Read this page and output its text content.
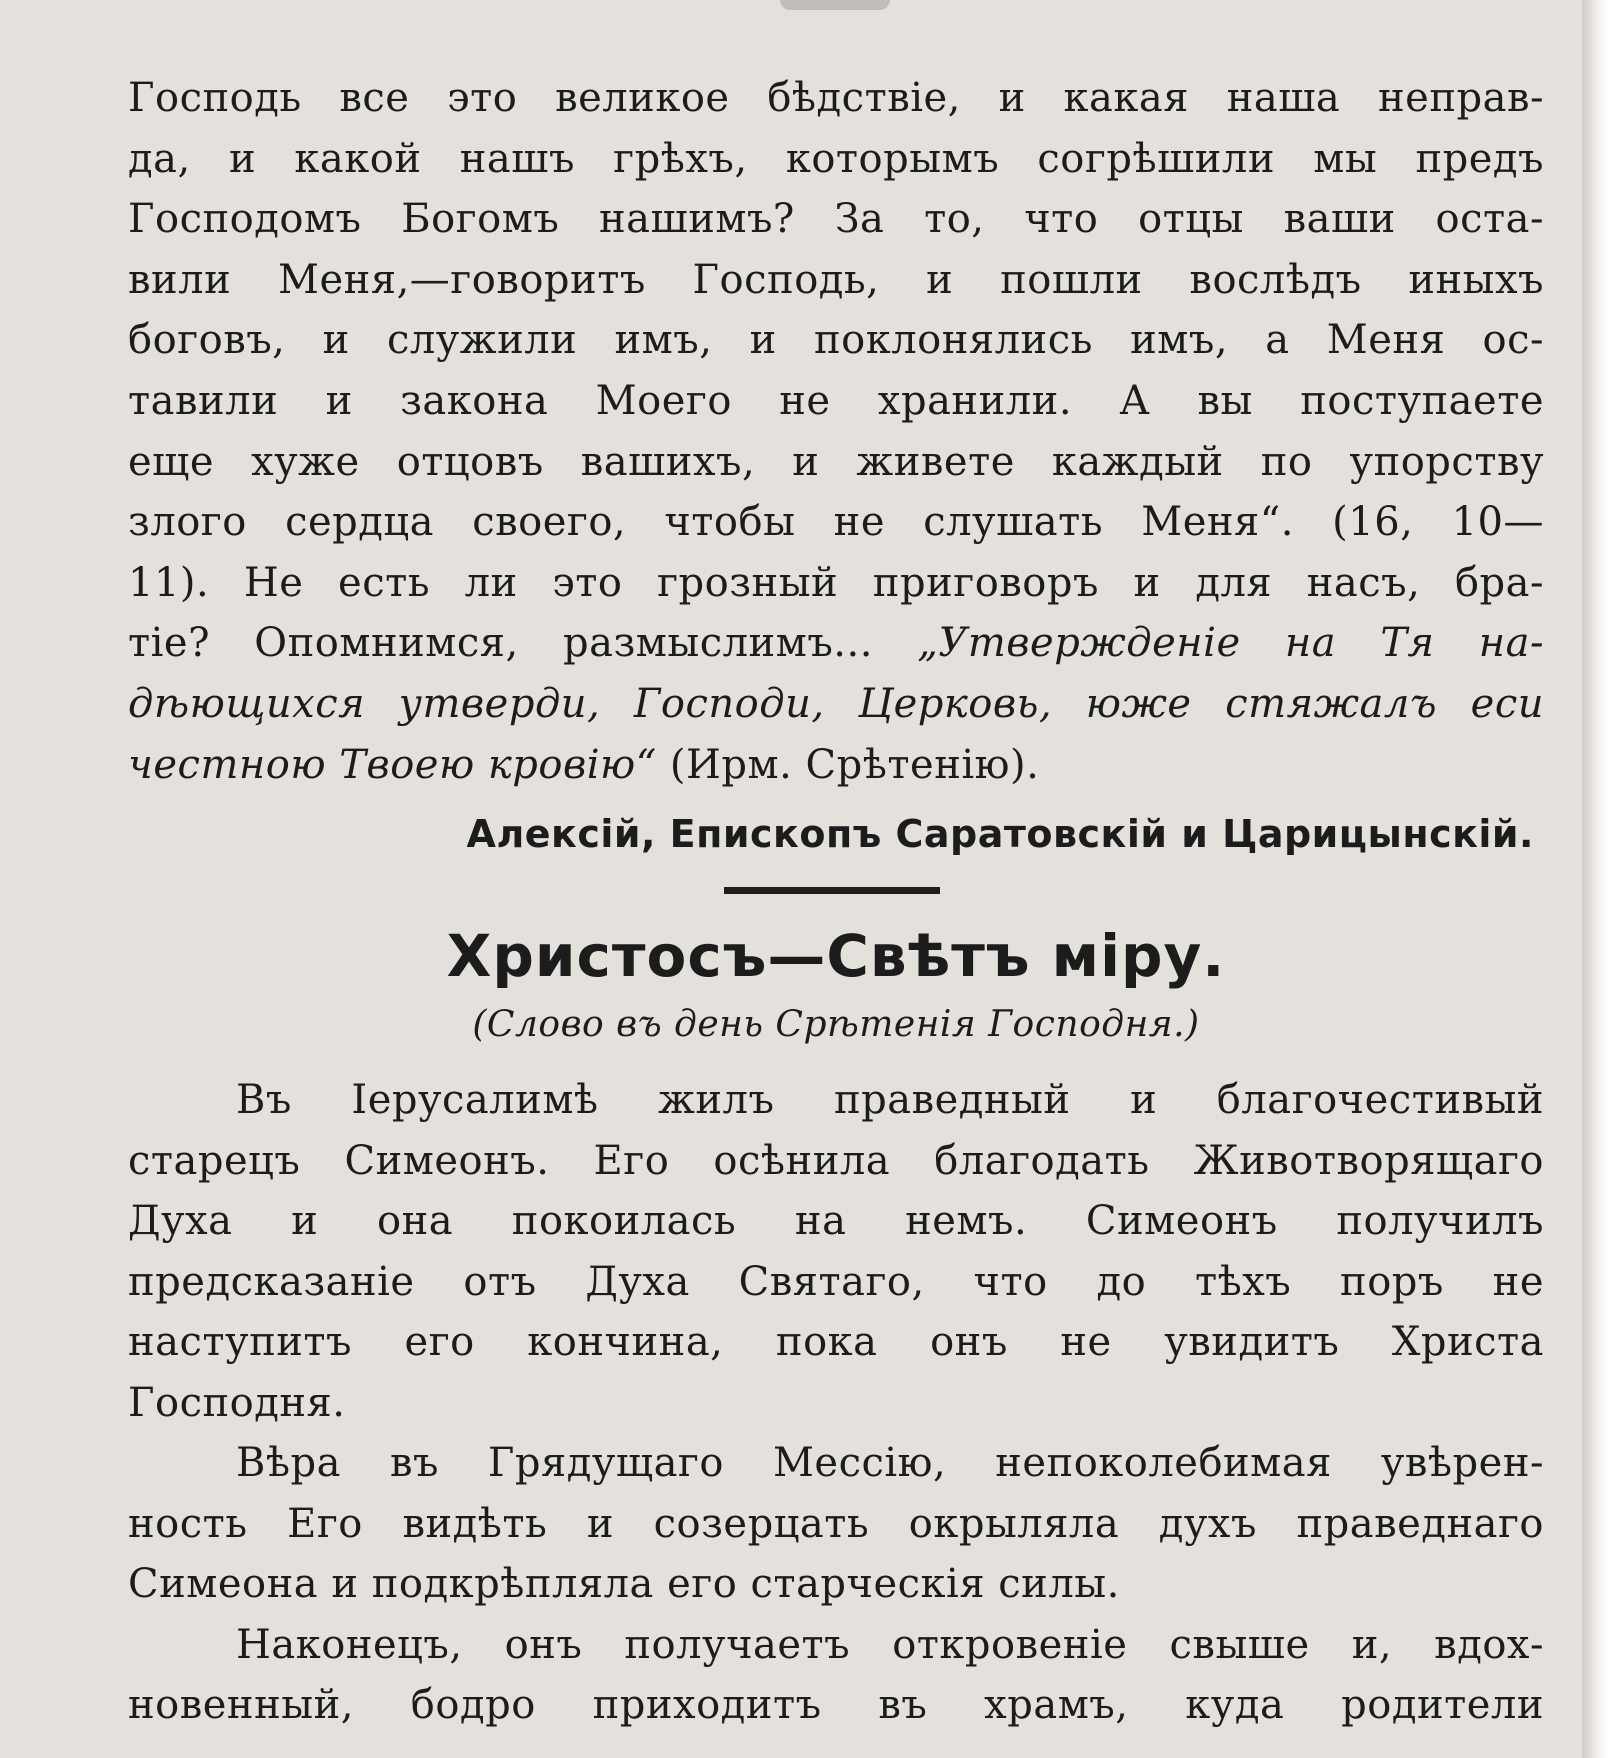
Господь все это великое бѣдствіе, и какая наша неправ-
да, и какой нашъ грѣхъ, которымъ согрѣшили мы предъ
Господомъ Богомъ нашимъ? За то, что отцы ваши оста-
вили Меня,—говоритъ Господь, и пошли вослѣдъ иныхъ
боговъ, и служили имъ, и поклонялись имъ, а Меня ос-
тавили и закона Моего не хранили. А вы поступаете
еще хуже отцовъ вашихъ, и живете каждый по упорству
злого сердца своего, чтобы не слушать Меня“. (16, 10—
11). Не есть ли это грозный приговоръ и для насъ, бра-
тіе? Опомнимся, размыслимъ... „Утвержденіе на Тя на-
дѣющихся утверди, Господи, Церковь, юже стяжалъ еси
честною Твоею кровію“ (Ирм. Срѣтенію).
Алексій, Епископъ Саратовскій и Царицынскій.
Христосъ—Свѣтъ міру.
(Слово въ день Срѣтенія Господня.)
Въ Іерусалимѣ жилъ праведный и благочестивый
старецъ Симеонъ. Его осѣнила благодать Животворящаго
Духа и она покоилась на немъ. Симеонъ получилъ
предсказаніе отъ Духа Святаго, что до тѣхъ поръ не
наступитъ его кончина, пока онъ не увидитъ Христа
Господня.
Вѣра въ Грядущаго Мессію, непоколебимая увѣрен-
ность Его видѣть и созерцать окрыляла духъ праведнаго
Симеона и подкрѣпляла его старческія силы.
Наконецъ, онъ получаетъ откровеніе свыше и, вдох-
новенный, бодро приходитъ въ храмъ, куда родители
